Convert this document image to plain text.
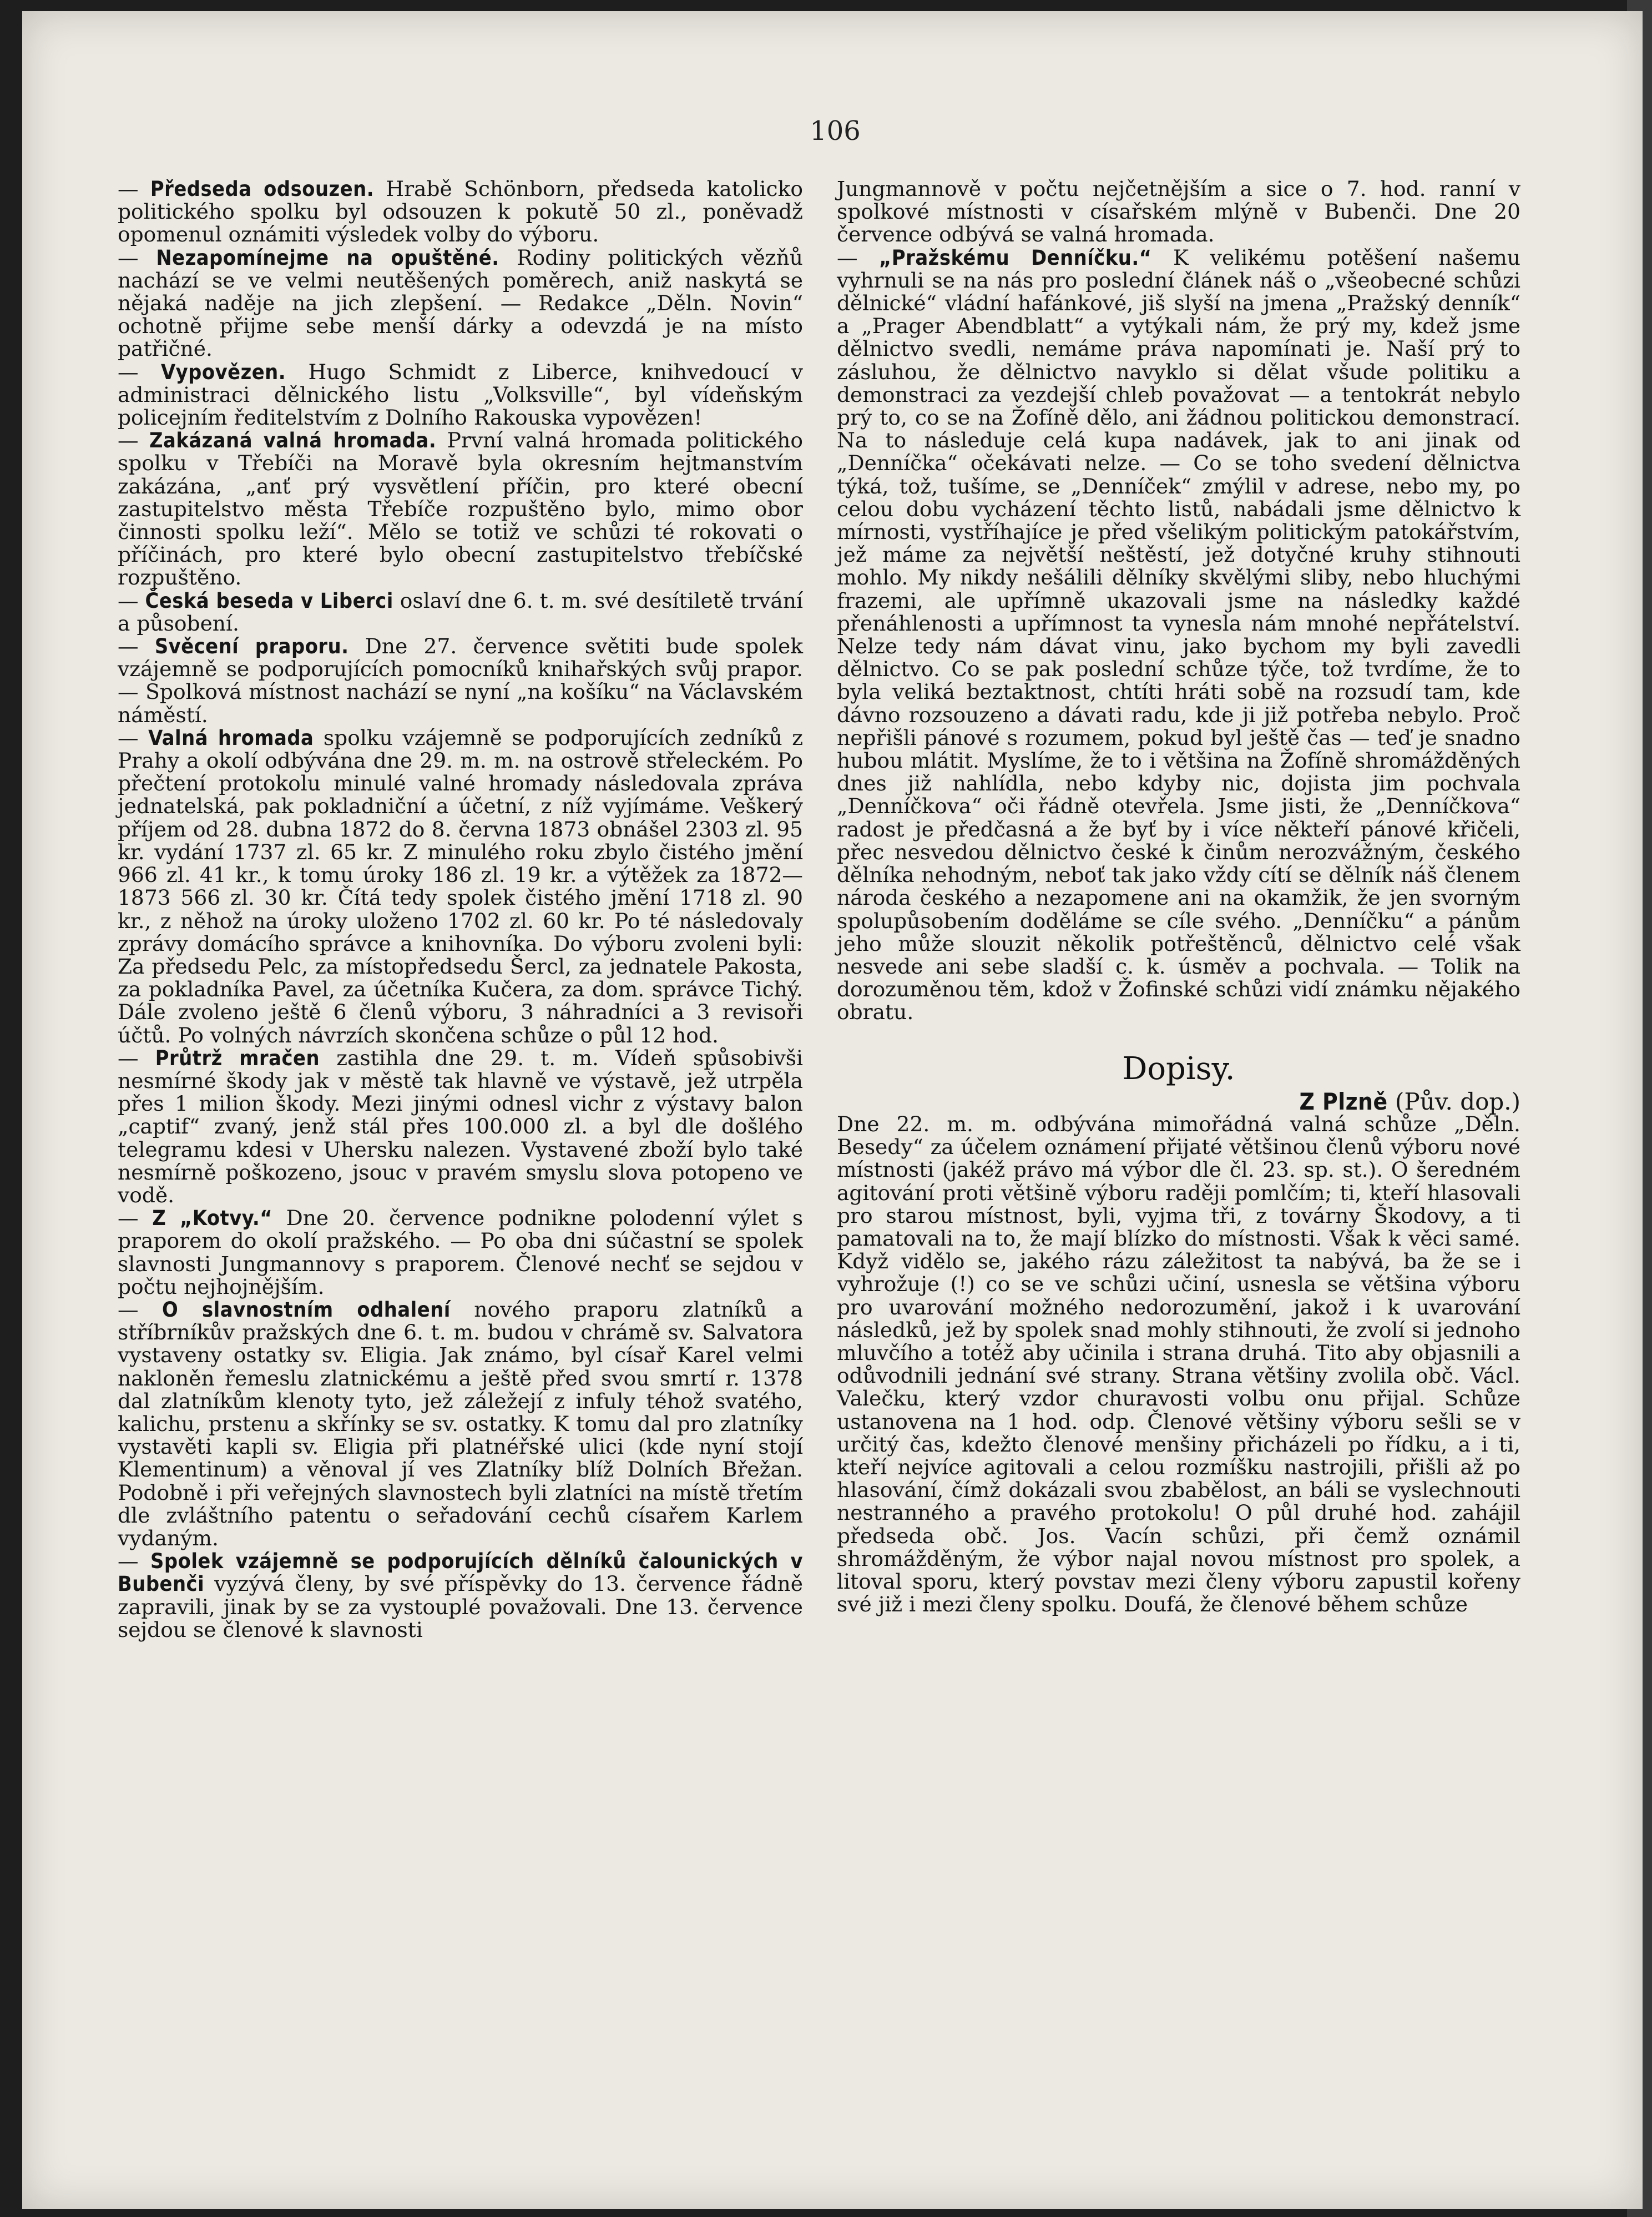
106

— Předseda odsouzen. Hrabě Schönborn, předseda katolicko politického spolku byl odsouzen k pokutě 50 zl., poněvadž opomenul oznámiti výsledek volby do výboru.

— Nezapomínejme na opuštěné. Rodiny politických vězňů nachází se ve velmi neutěšených poměrech, aniž naskytá se nějaká naděje na jich zlepšení. — Redakce „Děln. Novin“ ochotně přijme sebe menší dárky a odevzdá je na místo patřičné.

— Vypovězen. Hugo Schmidt z Liberce, knihvedoucí v administraci dělnického listu „Volksville“, byl vídeňským policejním ředitelstvím z Dolního Rakouska vypovězen!

— Zakázaná valná hromada. První valná hromada politického spolku v Třebíči na Moravě byla okresním hejtmanstvím zakázána, „anť prý vysvětlení příčin, pro které obecní zastupitelstvo města Třebíče rozpuštěno bylo, mimo obor činnosti spolku leží“. Mělo se totiž ve schůzi té rokovati o příčinách, pro které bylo obecní zastupitelstvo třebíčské rozpuštěno.

— Česká beseda v Liberci oslaví dne 6. t. m. své desítiletě trvání a působení.

— Svěcení praporu. Dne 27. července světiti bude spolek vzájemně se podporujících pomocníků knihařských svůj prapor. — Spolková místnost nachází se nyní „na košíku“ na Václavském náměstí.

— Valná hromada spolku vzájemně se podporujících zedníků z Prahy a okolí odbývána dne 29. m. m. na ostrově střeleckém. Po přečtení protokolu minulé valné hromady následovala zpráva jednatelská, pak pokladniční a účetní, z níž vyjímáme. Veškerý příjem od 28. dubna 1872 do 8. června 1873 obnášel 2303 zl. 95 kr. vydání 1737 zl. 65 kr. Z minulého roku zbylo čistého jmění 966 zl. 41 kr., k tomu úroky 186 zl. 19 kr. a výtěžek za 1872—1873 566 zl. 30 kr. Čítá tedy spolek čistého jmění 1718 zl. 90 kr., z něhož na úroky uloženo 1702 zl. 60 kr. Po té následovaly zprávy domácího správce a knihovníka. Do výboru zvoleni byli: Za předsedu Pelc, za místopředsedu Šercl, za jednatele Pakosta, za pokladníka Pavel, za účetníka Kučera, za dom. správce Tichý. Dále zvoleno ještě 6 členů výboru, 3 náhradníci a 3 revisoři účtů. Po volných návrzích skončena schůze o půl 12 hod.

— Průtrž mračen zastihla dne 29. t. m. Vídeň spůsobivši nesmírné škody jak v městě tak hlavně ve výstavě, jež utrpěla přes 1 milion škody. Mezi jinými odnesl vichr z výstavy balon „captif“ zvaný, jenž stál přes 100.000 zl. a byl dle došlého telegramu kdesi v Uhersku nalezen. Vystavené zboží bylo také nesmírně poškozeno, jsouc v pravém smyslu slova potopeno ve vodě.

— Z „Kotvy.“ Dne 20. července podnikne polodenní výlet s praporem do okolí pražského. — Po oba dni súčastní se spolek slavnosti Jungmannovy s praporem. Členové nechť se sejdou v počtu nejhojnějším.

— O slavnostním odhalení nového praporu zlatníků a stříbrníkův pražských dne 6. t. m. budou v chrámě sv. Salvatora vystaveny ostatky sv. Eligia. Jak známo, byl císař Karel velmi nakloněn řemeslu zlatnickému a ještě před svou smrtí r. 1378 dal zlatníkům klenoty tyto, jež záležejí z infuly téhož svatého, kalichu, prstenu a skřínky se sv. ostatky. K tomu dal pro zlatníky vystavěti kapli sv. Eligia při platnéřské ulici (kde nyní stojí Klementinum) a věnoval jí ves Zlatníky blíž Dolních Břežan. Podobně i při veřejných slavnostech byli zlatníci na místě třetím dle zvláštního patentu o seřadování cechů císařem Karlem vydaným.

— Spolek vzájemně se podporujících dělníků čalounických v Bubenči vyzývá členy, by své příspěvky do 13. července řádně zapravili, jinak by se za vystouplé považovali. Dne 13. července sejdou se členové k slavnosti

Jungmannově v počtu nejčetnějším a sice o 7. hod. ranní v spolkové místnosti v císařském mlýně v Bubenči. Dne 20 července odbývá se valná hromada.

— „Pražskému Denníčku.“ K velikému potěšení našemu vyhrnuli se na nás pro poslední článek náš o „všeobecné schůzi dělnické“ vládní hafánkové, jiš slyší na jmena „Pražský denník“ a „Prager Abendblatt“ a vytýkali nám, že prý my, kdež jsme dělnictvo svedli, nemáme práva napomínati je. Naší prý to zásluhou, že dělnictvo navyklo si dělat všude politiku a demonstraci za vezdejší chleb považovat — a tentokrát nebylo prý to, co se na Žofíně dělo, ani žádnou politickou demonstrací. Na to následuje celá kupa nadávek, jak to ani jinak od „Denníčka“ očekávati nelze. — Co se toho svedení dělnictva týká, tož, tušíme, se „Denníček“ zmýlil v adrese, nebo my, po celou dobu vycházení těchto listů, nabádali jsme dělnictvo k mírnosti, vystříhajíce je před všelikým politickým patokářstvím, jež máme za největší neštěstí, jež dotyčné kruhy stihnouti mohlo. My nikdy nešálili dělníky skvělými sliby, nebo hluchými frazemi, ale upřímně ukazovali jsme na následky každé přenáhlenosti a upřímnost ta vynesla nám mnohé nepřátelství. Nelze tedy nám dávat vinu, jako bychom my byli zavedli dělnictvo. Co se pak poslední schůze týče, tož tvrdíme, že to byla veliká beztaktnost, chtíti hráti sobě na rozsudí tam, kde dávno rozsouzeno a dávati radu, kde ji již potřeba nebylo. Proč nepřišli pánové s rozumem, pokud byl ještě čas — teď je snadno hubou mlátit. Myslíme, že to i většina na Žofíně shromážděných dnes již nahlídla, nebo kdyby nic, dojista jim pochvala „Denníčkova“ oči řádně otevřela. Jsme jisti, že „Denníčkova“ radost je předčasná a že byť by i více někteří pánové křičeli, přec nesvedou dělnictvo české k činům nerozvážným, českého dělníka nehodným, neboť tak jako vždy cítí se dělník náš členem národa českého a nezapomene ani na okamžik, že jen svorným spolupůsobením doděláme se cíle svého. „Denníčku“ a pánům jeho může slouzit několik potřeštěnců, dělnictvo celé však nesvede ani sebe sladší c. k. úsměv a pochvala. — Tolik na dorozuměnou těm, kdož v Žofinské schůzi vidí známku nějakého obratu.

Dopisy.

Z Plzně (Pův. dop.)

Dne 22. m. m. odbývána mimořádná valná schůze „Děln. Besedy“ za účelem oznámení přijaté většinou členů výboru nové místnosti (jakéž právo má výbor dle čl. 23. sp. st.). O šeredném agitování proti většině výboru raději pomlčím; ti, kteří hlasovali pro starou místnost, byli, vyjma tři, z továrny Škodovy, a ti pamatovali na to, že mají blízko do místnosti. Však k věci samé. Když vidělo se, jakého rázu záležitost ta nabývá, ba že se i vyhrožuje (!) co se ve schůzi učiní, usnesla se většina výboru pro uvarování možného nedorozumění, jakož i k uvarování následků, jež by spolek snad mohly stihnouti, že zvolí si jednoho mluvčího a totéž aby učinila i strana druhá. Tito aby objasnili a odůvodnili jednání své strany. Strana většiny zvolila obč. Václ. Valečku, který vzdor churavosti volbu onu přijal. Schůze ustanovena na 1 hod. odp. Členové většiny výboru sešli se v určitý čas, kdežto členové menšiny přicházeli po řídku, a i ti, kteří nejvíce agitovali a celou rozmíšku nastrojili, přišli až po hlasování, čímž dokázali svou zbabělost, an báli se vyslechnouti nestranného a pravého protokolu! O půl druhé hod. zahájil předseda obč. Jos. Vacín schůzi, při čemž oznámil shromážděným, že výbor najal novou místnost pro spolek, a litoval sporu, který povstav mezi členy výboru zapustil kořeny své již i mezi členy spolku. Doufá, že členové během schůze
